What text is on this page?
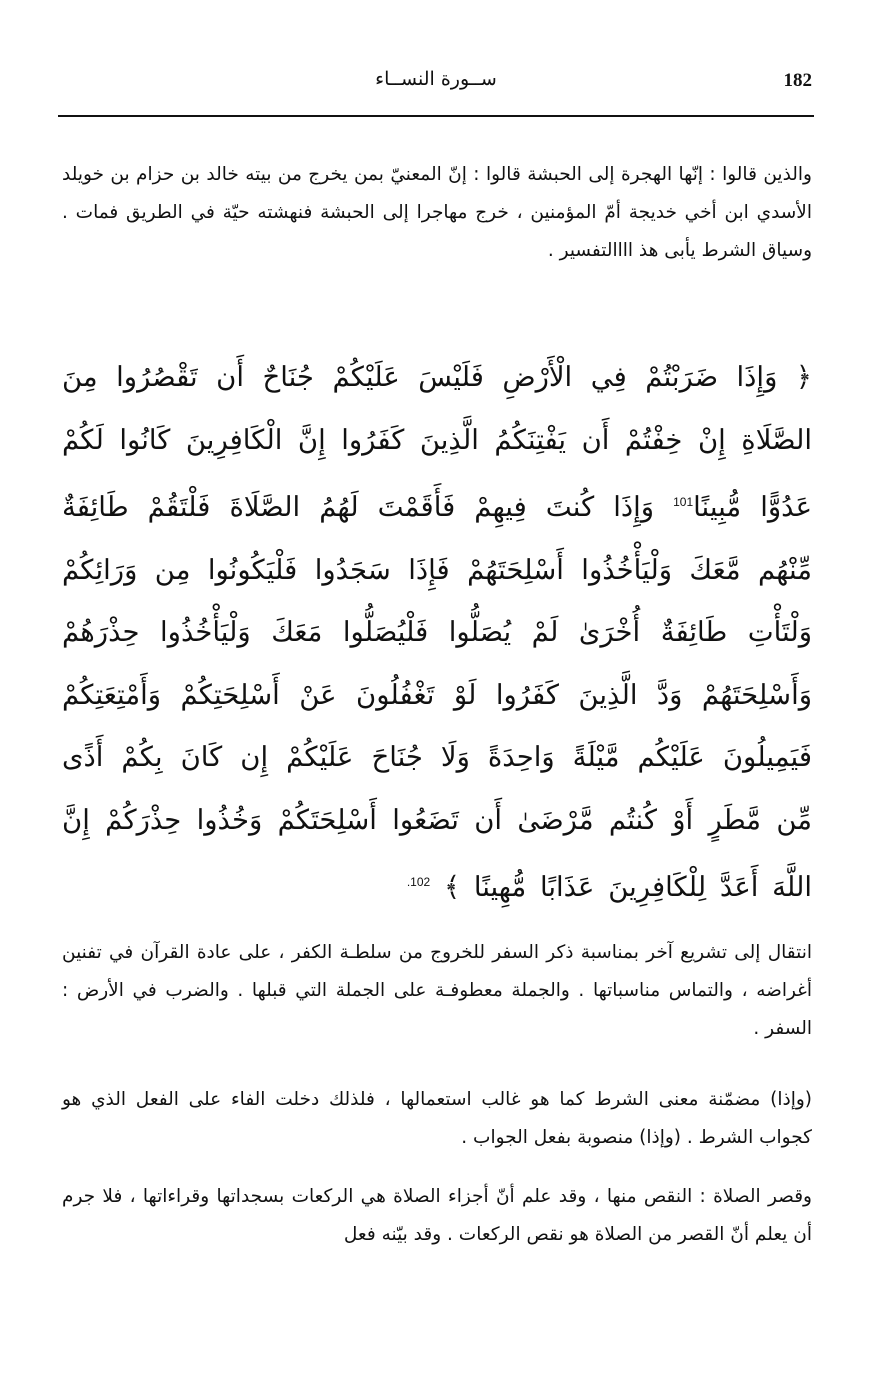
182
ســورة النســاء

والذين قالوا : إنّها الهجرة إلى الحبشة قالوا : إنّ المعنيّ بمن يخرج من بيته خالد بن حزام بن خويلد الأسدي ابن أخي خديجة أمّ المؤمنين ، خرج مهاجرا إلى الحبشة فنهشته حيّة في الطريق فمات . وسياق الشرط يأبى هذ اااالتفسير .

﴿ وَإِذَا ضَرَبْتُمْ فِي الْأَرْضِ فَلَيْسَ عَلَيْكُمْ جُنَاحٌ أَن تَقْصُرُوا مِنَ الصَّلَاةِ إِنْ خِفْتُمْ أَن يَفْتِنَكُمُ الَّذِينَ كَفَرُوا إِنَّ الْكَافِرِينَ كَانُوا لَكُمْ عَدُوًّا مُّبِينًا$^{101}$ وَإِذَا كُنتَ فِيهِمْ فَأَقَمْتَ لَهُمُ الصَّلَاةَ فَلْتَقُمْ طَائِفَةٌ مِّنْهُم مَّعَكَ وَلْيَأْخُذُوا أَسْلِحَتَهُمْ فَإِذَا سَجَدُوا فَلْيَكُونُوا مِن وَرَائِكُمْ وَلْتَأْتِ طَائِفَةٌ أُخْرَىٰ لَمْ يُصَلُّوا فَلْيُصَلُّوا مَعَكَ وَلْيَأْخُذُوا حِذْرَهُمْ وَأَسْلِحَتَهُمْ وَدَّ الَّذِينَ كَفَرُوا لَوْ تَغْفُلُونَ عَنْ أَسْلِحَتِكُمْ وَأَمْتِعَتِكُمْ فَيَمِيلُونَ عَلَيْكُم مَّيْلَةً وَاحِدَةً وَلَا جُنَاحَ عَلَيْكُمْ إِن كَانَ بِكُمْ أَذًى مِّن مَّطَرٍ أَوْ كُنتُم مَّرْضَىٰ أَن تَضَعُوا أَسْلِحَتَكُمْ وَخُذُوا حِذْرَكُمْ إِنَّ اللَّهَ أَعَدَّ لِلْكَافِرِينَ عَذَابًا مُّهِينًا ﴾ $^{102.}$

انتقال إلى تشريع آخر بمناسبة ذكر السفر للخروج من سلطـة الكفر ، على عادة القرآن في تفنين أغراضه ، والتماس مناسباتها . والجملة معطوفـة على الجملة التي قبلها . والضرب في الأرض : السفر .

(وإذا) مضمّنة معنى الشرط كما هو غالب استعمالها ، فلذلك دخلت الفاء على الفعل الذي هو كجواب الشرط . (وإذا) منصوبة بفعل الجواب .

وقصر الصلاة : النقص منها ، وقد علم أنّ أجزاء الصلاة هي الركعات بسجداتها وقراءاتها ، فلا جرم أن يعلم أنّ القصر من الصلاة هو نقص الركعات . وقد بيّنه فعل
